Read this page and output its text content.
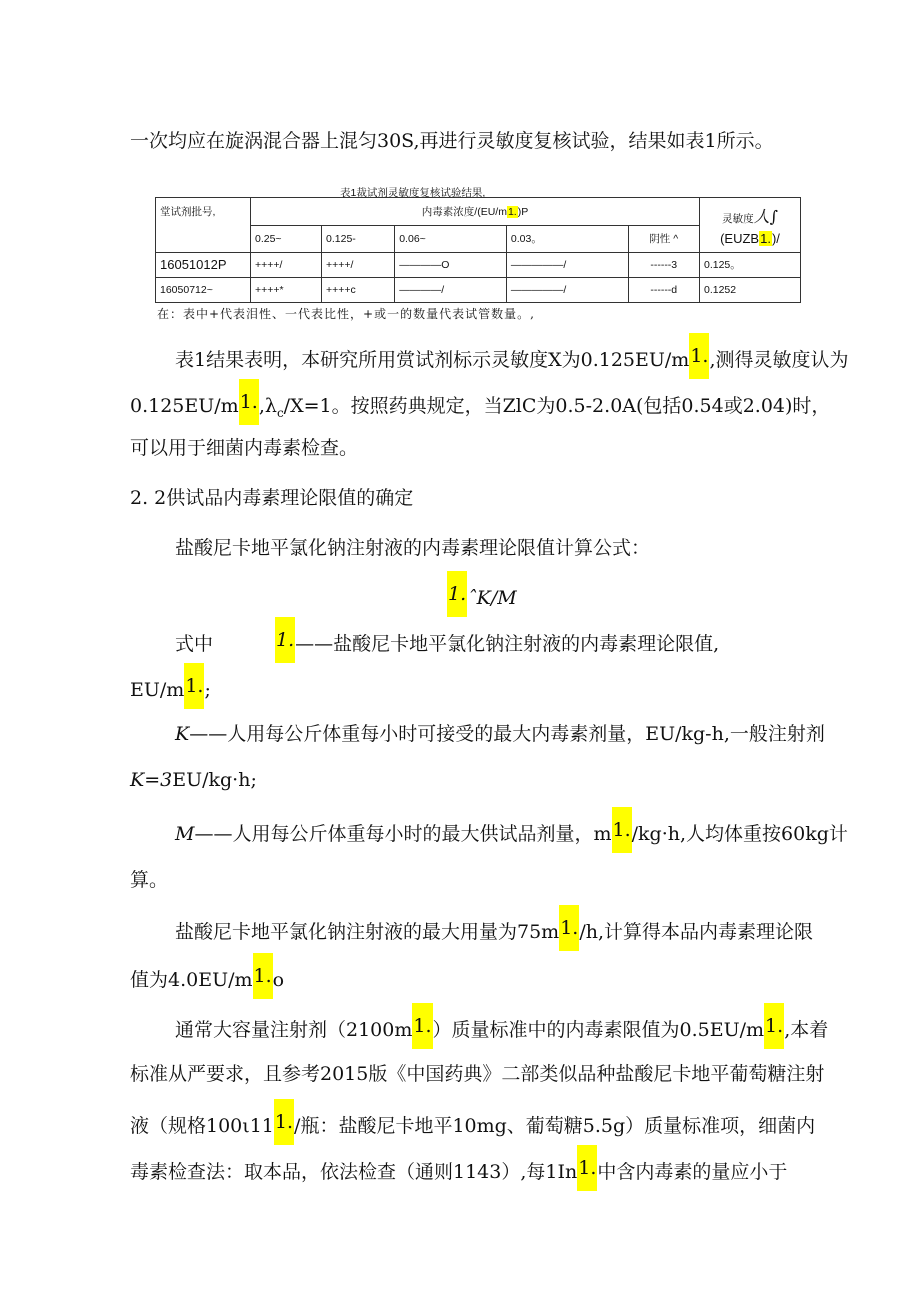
一次均应在旋涡混合器上混匀30S,再进行灵敏度复核试验，结果如表1所示。
表1裁试剂灵敏度复核试验结果,
堂试剂批号,	内毒素浓度/(EU/m1.)P					灵敏度人∫
(EUZB1.)/

	0.25~	0.125-	0.06~	0.03。	阴性 ^	
16051012P	++++/	++++/	————O	—————/	------3	0.125。
16050712~	++++*	++++c	————/	—————/	------d	0.1252
在：表中+代表泪性、一代表比性，+或一的数量代表试管数量。,
表1结果表明，本研究所用赏试剂标示灵敏度X为0.125EU/m1.,测得灵敏度认为
$0.125EU/m1.,\lambda_c/X=1$。按照药典规定，当ZlC为0.5-2.0A(包括0.54或2.04)时，
可以用于细菌内毒素检查。
2. 2供试品内毒素理论限值的确定
盐酸尼卡地平氯化钠注射液的内毒素理论限值计算公式：
1.ˆK/M
式中	1.——盐酸尼卡地平氯化钠注射液的内毒素理论限值,
EU/m1.;
K——人用每公斤体重每小时可接受的最大内毒素剂量，EU/kg-h,一般注射剂
K=3EU/kg·h;
M——人用每公斤体重每小时的最大供试品剂量，m1./kg·h,人均体重按60kg计
算。
盐酸尼卡地平氯化钠注射液的最大用量为75m1./h,计算得本品内毒素理论限
值为4.0EU/m1.o
通常大容量注射剂（2100m1.）质量标准中的内毒素限值为0.5EU/m1.,本着
标准从严要求，且参考2015版《中国药典》二部类似品种盐酸尼卡地平葡萄糖注射
液（规格100ι111./瓶：盐酸尼卡地平10mg、葡萄糖5.5g）质量标准项，细菌内
毒素检查法：取本品，依法检查（通则1143）,每1In1.中含内毒素的量应小于
